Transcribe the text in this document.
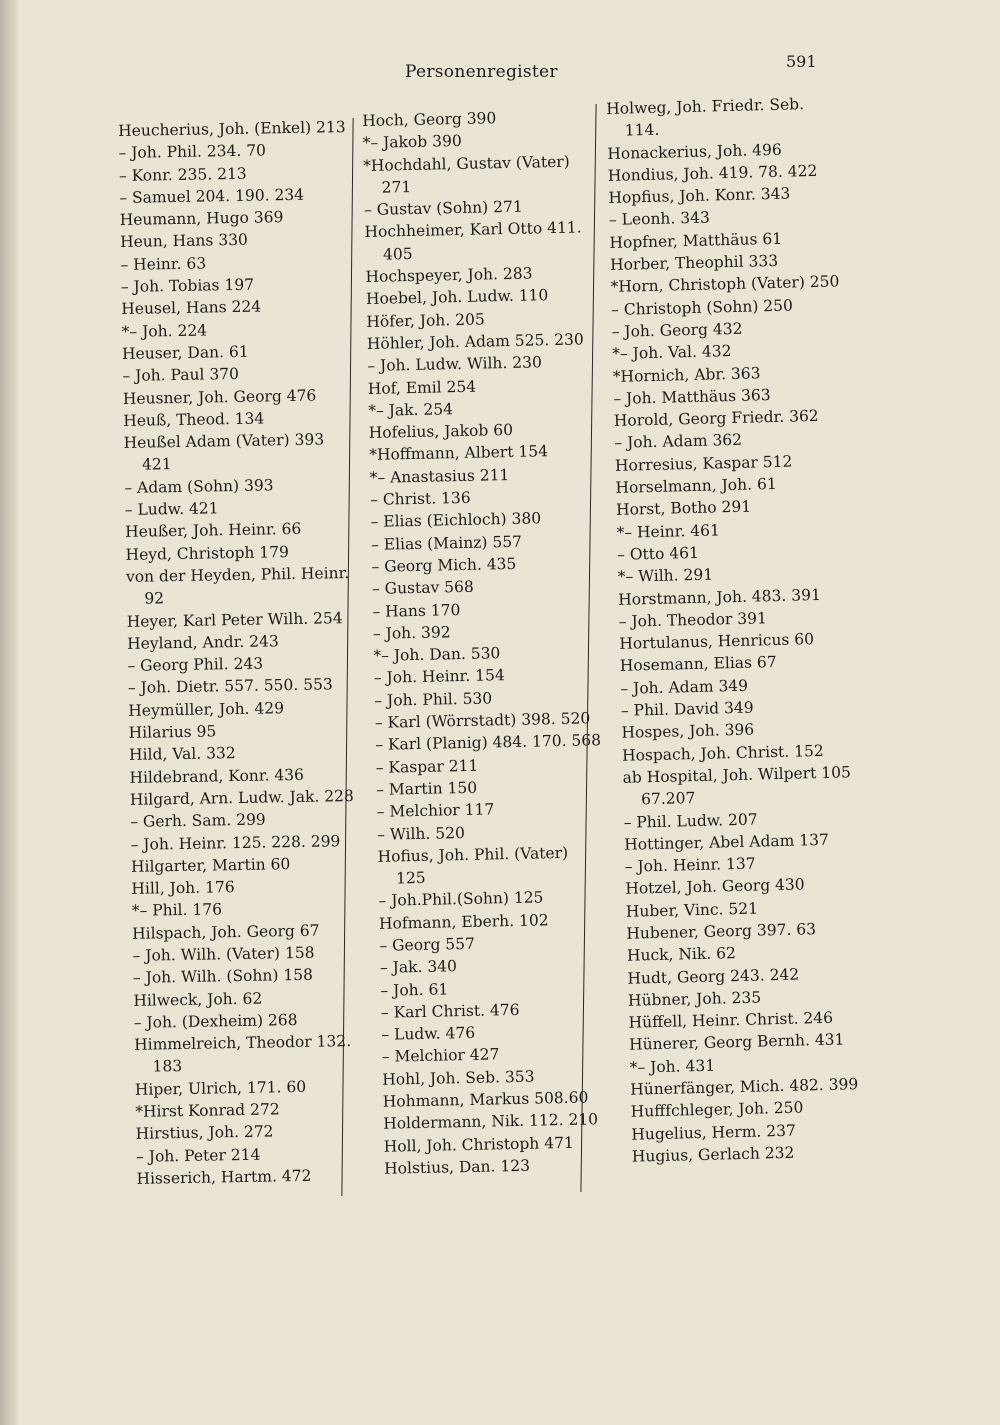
Personenregister
591
Heucherius, Joh. (Enkel) 213
– Joh. Phil. 234. 70
– Konr. 235. 213
– Samuel 204. 190. 234
Heumann, Hugo 369
Heun, Hans 330
– Heinr. 63
– Joh. Tobias 197
Heusel, Hans 224
*– Joh. 224
Heuser, Dan. 61
– Joh. Paul 370
Heusner, Joh. Georg 476
Heuß, Theod. 134
Heußel Adam (Vater) 393
421
– Adam (Sohn) 393
– Ludw. 421
Heußer, Joh. Heinr. 66
Heyd, Christoph 179
von der Heyden, Phil. Heinr.
92
Heyer, Karl Peter Wilh. 254
Heyland, Andr. 243
– Georg Phil. 243
– Joh. Dietr. 557. 550. 553
Heymüller, Joh. 429
Hilarius 95
Hild, Val. 332
Hildebrand, Konr. 436
Hilgard, Arn. Ludw. Jak. 228
– Gerh. Sam. 299
– Joh. Heinr. 125. 228. 299
Hilgarter, Martin 60
Hill, Joh. 176
*– Phil. 176
Hilspach, Joh. Georg 67
– Joh. Wilh. (Vater) 158
– Joh. Wilh. (Sohn) 158
Hilweck, Joh. 62
– Joh. (Dexheim) 268
Himmelreich, Theodor 132.
183
Hiper, Ulrich, 171. 60
*Hirst Konrad 272
Hirstius, Joh. 272
– Joh. Peter 214
Hisserich, Hartm. 472
Hoch, Georg 390
*– Jakob 390
*Hochdahl, Gustav (Vater)
271
– Gustav (Sohn) 271
Hochheimer, Karl Otto 411.
405
Hochspeyer, Joh. 283
Hoebel, Joh. Ludw. 110
Höfer, Joh. 205
Höhler, Joh. Adam 525. 230
– Joh. Ludw. Wilh. 230
Hof, Emil 254
*– Jak. 254
Hofelius, Jakob 60
*Hoffmann, Albert 154
*– Anastasius 211
– Christ. 136
– Elias (Eichloch) 380
– Elias (Mainz) 557
– Georg Mich. 435
– Gustav 568
– Hans 170
– Joh. 392
*– Joh. Dan. 530
– Joh. Heinr. 154
– Joh. Phil. 530
– Karl (Wörrstadt) 398. 520
– Karl (Planig) 484. 170. 568
– Kaspar 211
– Martin 150
– Melchior 117
– Wilh. 520
Hofius, Joh. Phil. (Vater)
125
– Joh.Phil.(Sohn) 125
Hofmann, Eberh. 102
– Georg 557
– Jak. 340
– Joh. 61
– Karl Christ. 476
– Ludw. 476
– Melchior 427
Hohl, Joh. Seb. 353
Hohmann, Markus 508.60
Holdermann, Nik. 112. 210
Holl, Joh. Christoph 471
Holstius, Dan. 123
Holweg, Joh. Friedr. Seb.
114.
Honackerius, Joh. 496
Hondius, Joh. 419. 78. 422
Hopfius, Joh. Konr. 343
– Leonh. 343
Hopfner, Matthäus 61
Horber, Theophil 333
*Horn, Christoph (Vater) 250
– Christoph (Sohn) 250
– Joh. Georg 432
*– Joh. Val. 432
*Hornich, Abr. 363
– Joh. Matthäus 363
Horold, Georg Friedr. 362
– Joh. Adam 362
Horresius, Kaspar 512
Horselmann, Joh. 61
Horst, Botho 291
*– Heinr. 461
– Otto 461
*– Wilh. 291
Horstmann, Joh. 483. 391
– Joh. Theodor 391
Hortulanus, Henricus 60
Hosemann, Elias 67
– Joh. Adam 349
– Phil. David 349
Hospes, Joh. 396
Hospach, Joh. Christ. 152
ab Hospital, Joh. Wilpert 105
67.207
– Phil. Ludw. 207
Hottinger, Abel Adam 137
– Joh. Heinr. 137
Hotzel, Joh. Georg 430
Huber, Vinc. 521
Hubener, Georg 397. 63
Huck, Nik. 62
Hudt, Georg 243. 242
Hübner, Joh. 235
Hüffell, Heinr. Christ. 246
Hünerer, Georg Bernh. 431
*– Joh. 431
Hünerfänger, Mich. 482. 399
Hufffchleger, Joh. 250
Hugelius, Herm. 237
Hugius, Gerlach 232
